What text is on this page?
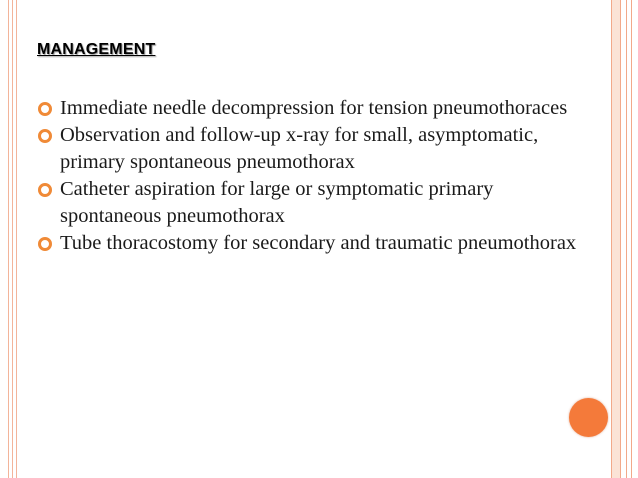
MANAGEMENT
Immediate needle decompression for tension pneumothoraces
Observation and follow-up x-ray for small, asymptomatic, primary spontaneous pneumothorax
Catheter aspiration for large or symptomatic primary spontaneous pneumothorax
Tube thoracostomy for secondary and traumatic pneumothorax
